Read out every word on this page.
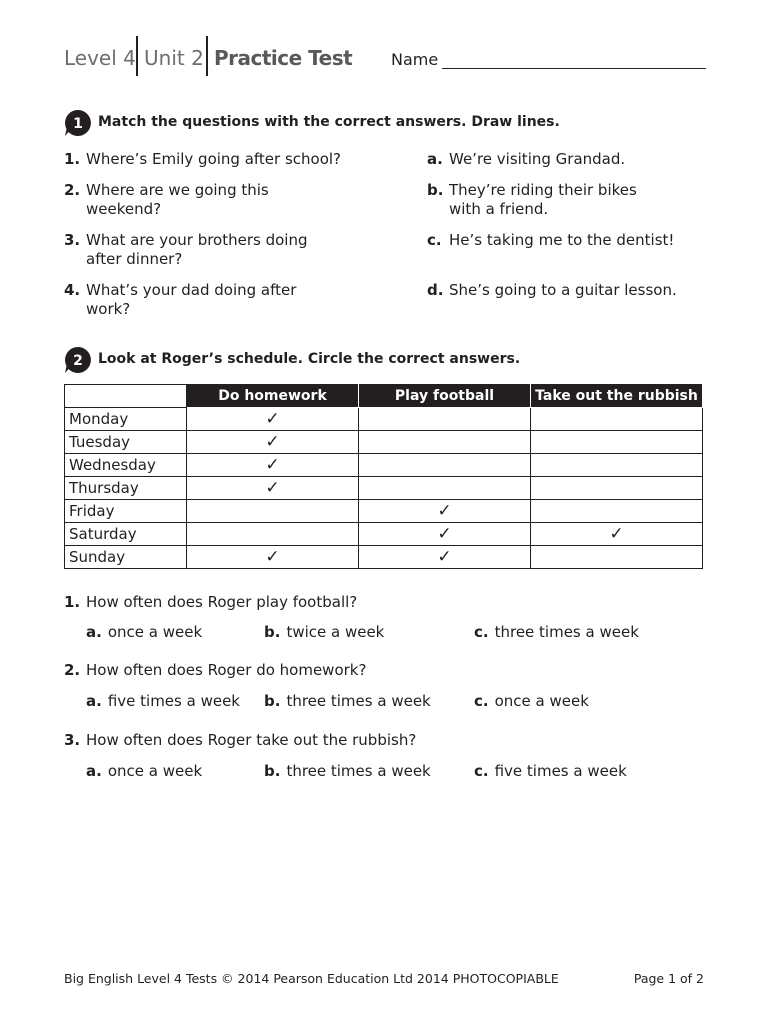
Level 4 Unit 2 Practice Test Name
1 Match the questions with the correct answers. Draw lines.
1. Where’s Emily going after school?
2. Where are we going this weekend?
3. What are your brothers doing after dinner?
4. What’s your dad doing after work?
a. We’re visiting Grandad.
b. They’re riding their bikes with a friend.
c. He’s taking me to the dentist!
d. She’s going to a guitar lesson.
2 Look at Roger’s schedule. Circle the correct answers.
	Do homework	Play football	Take out the rubbish
Monday	✓		
Tuesday	✓		
Wednesday	✓		
Thursday	✓		
Friday		✓	
Saturday		✓	✓
Sunday	✓	✓	
1. How often does Roger play football?
a. once a week	b. twice a week	c. three times a week
2. How often does Roger do homework?
a. five times a week b. three times a week	c. once a week
3. How often does Roger take out the rubbish?
a. once a week	b. three times a week	c. five times a week
Big English Level 4 Tests © 2014 Pearson Education Ltd 2014 PHOTOCOPIABLE	Page 1 of 2
